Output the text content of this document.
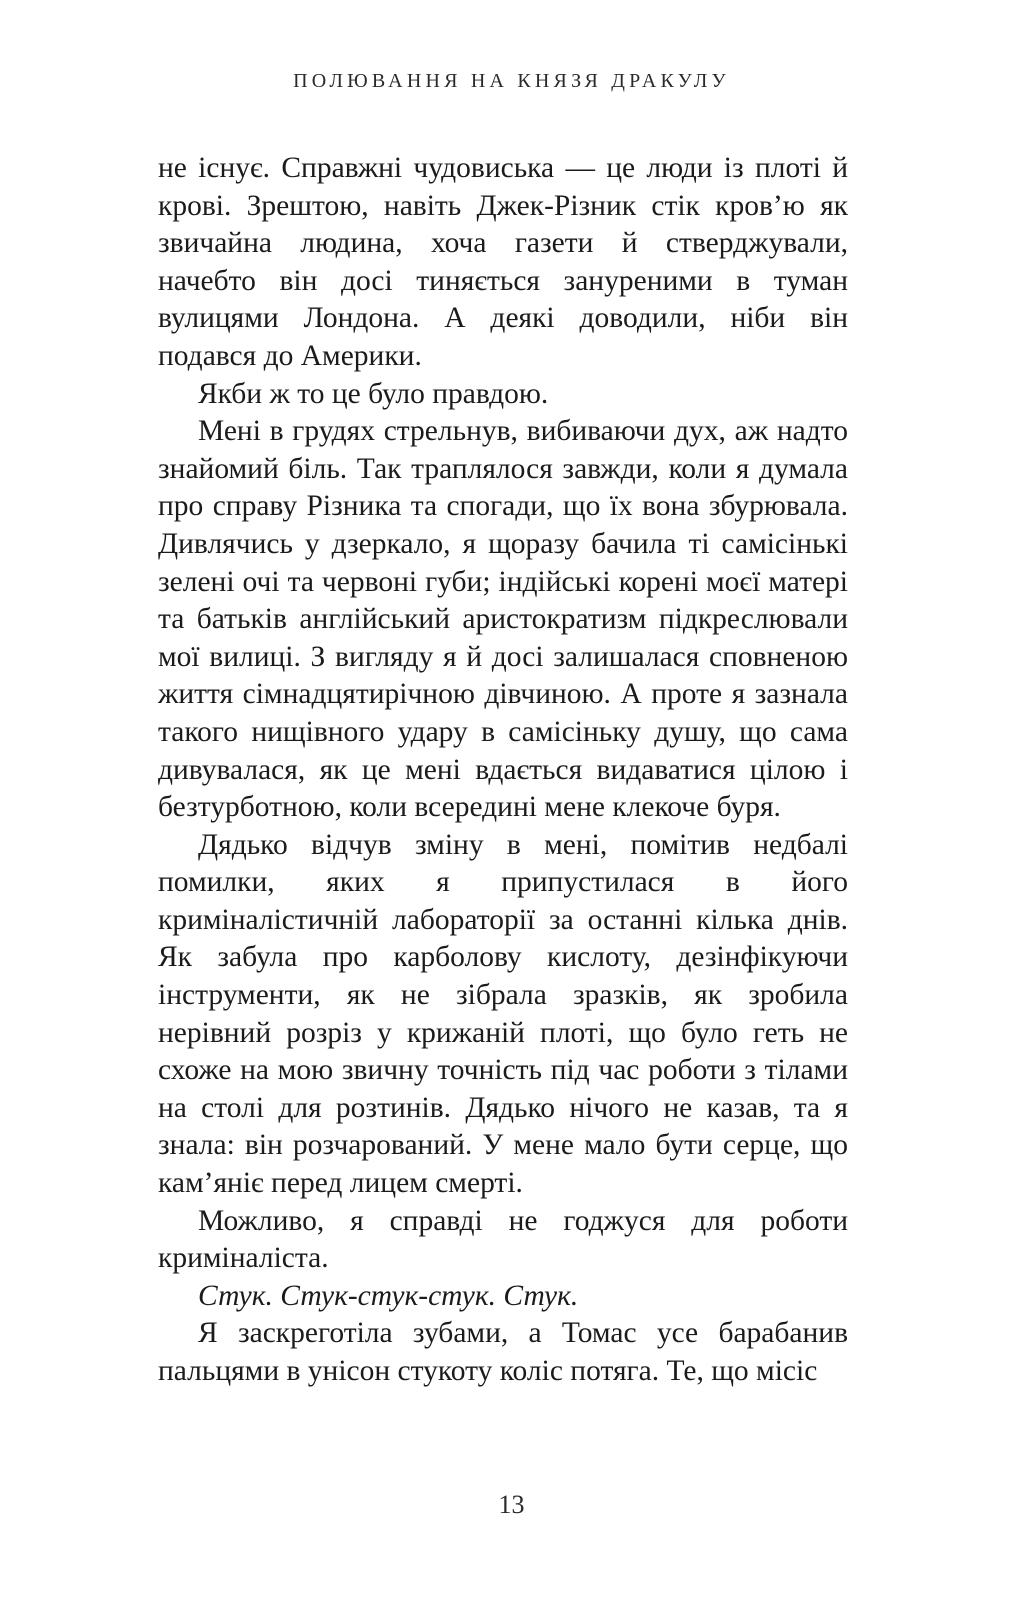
ПОЛЮВАННЯ НА КНЯЗЯ ДРАКУЛУ

не існує. Справжні чудовиська — це люди із плоті й крові. Зрештою, навіть Джек-Різник стік кров’ю як звичайна людина, хоча газети й стверджували, начебто він досі тиняється зануреними в туман вулицями Лондона. А деякі доводили, ніби він подався до Америки.

Якби ж то це було правдою.

Мені в грудях стрельнув, вибиваючи дух, аж надто знайомий біль. Так траплялося завжди, коли я думала про справу Різника та спогади, що їх вона збурювала. Дивлячись у дзеркало, я щоразу бачила ті самісінькі зелені очі та червоні губи; індійські корені моєї матері та батьків англійський аристократизм підкреслювали мої вилиці. З вигляду я й досі залишалася сповненою життя сімнадцятирічною дівчиною. А проте я зазнала такого нищівного удару в самісіньку душу, що сама дивувалася, як це мені вдається видаватися цілою і безтурботною, коли всередині мене клекоче буря.

Дядько відчув зміну в мені, помітив недбалі помилки, яких я припустилася в його криміналістичній лабораторії за останні кілька днів. Як забула про карболову кислоту, дезінфікуючи інструменти, як не зібрала зразків, як зробила нерівний розріз у крижаній плоті, що було геть не схоже на мою звичну точність під час роботи з тілами на столі для розтинів. Дядько нічого не казав, та я знала: він розчарований. У мене мало бути серце, що кам’яніє перед лицем смерті.

Можливо, я справді не годжуся для роботи криміналіста.

Стук. Стук-стук-стук. Стук.

Я заскреготіла зубами, а Томас усе барабанив пальцями в унісон стукоту коліс потяга. Те, що місіс

13
